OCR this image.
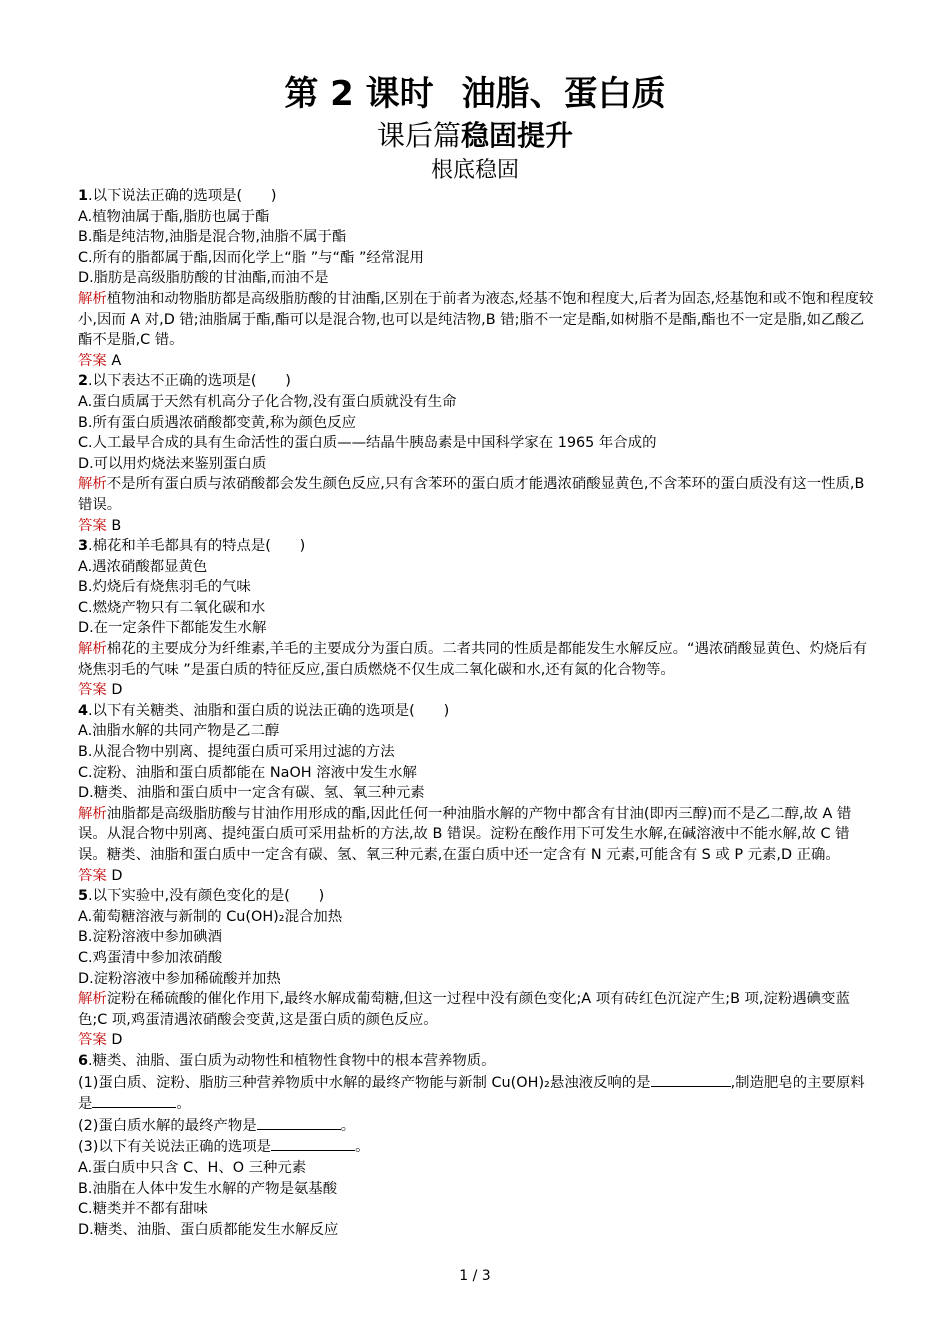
第 2 课时 油脂、蛋白质
课后篇稳固提升
根底稳固
1.以下说法正确的选项是(　　)
A.植物油属于酯,脂肪也属于酯
B.酯是纯洁物,油脂是混合物,油脂不属于酯
C.所有的脂都属于酯,因而化学上“脂 ”与“酯 ”经常混用
D.脂肪是高级脂肪酸的甘油酯,而油不是
解析植物油和动物脂肪都是高级脂肪酸的甘油酯,区别在于前者为液态,烃基不饱和程度大,后者为固态,烃基饱和或不饱和程度较小,因而 A 对,D 错;油脂属于酯,酯可以是混合物,也可以是纯洁物,B 错;脂不一定是酯,如树脂不是酯,酯也不一定是脂,如乙酸乙酯不是脂,C 错。
答案 A
2.以下表达不正确的选项是(　　)
A.蛋白质属于天然有机高分子化合物,没有蛋白质就没有生命
B.所有蛋白质遇浓硝酸都变黄,称为颜色反应
C.人工最早合成的具有生命活性的蛋白质——结晶牛胰岛素是中国科学家在 1965 年合成的
D.可以用灼烧法来鉴别蛋白质
解析不是所有蛋白质与浓硝酸都会发生颜色反应,只有含苯环的蛋白质才能遇浓硝酸显黄色,不含苯环的蛋白质没有这一性质,B 错误。
答案 B
3.棉花和羊毛都具有的特点是(　　)
A.遇浓硝酸都显黄色
B.灼烧后有烧焦羽毛的气味
C.燃烧产物只有二氧化碳和水
D.在一定条件下都能发生水解
解析棉花的主要成分为纤维素,羊毛的主要成分为蛋白质。二者共同的性质是都能发生水解反应。“遇浓硝酸显黄色、灼烧后有烧焦羽毛的气味 ”是蛋白质的特征反应,蛋白质燃烧不仅生成二氧化碳和水,还有氮的化合物等。
答案 D
4.以下有关糖类、油脂和蛋白质的说法正确的选项是(　　)
A.油脂水解的共同产物是乙二醇
B.从混合物中别离、提纯蛋白质可采用过滤的方法
C.淀粉、油脂和蛋白质都能在 NaOH 溶液中发生水解
D.糖类、油脂和蛋白质中一定含有碳、氢、氧三种元素
解析油脂都是高级脂肪酸与甘油作用形成的酯,因此任何一种油脂水解的产物中都含有甘油(即丙三醇)而不是乙二醇,故 A 错误。从混合物中别离、提纯蛋白质可采用盐析的方法,故 B 错误。淀粉在酸作用下可发生水解,在碱溶液中不能水解,故 C 错误。糖类、油脂和蛋白质中一定含有碳、氢、氧三种元素,在蛋白质中还一定含有 N 元素,可能含有 S 或 P 元素,D 正确。
答案 D
5.以下实验中,没有颜色变化的是(　　)
A.葡萄糖溶液与新制的 Cu(OH)₂混合加热
B.淀粉溶液中参加碘酒
C.鸡蛋清中参加浓硝酸
D.淀粉溶液中参加稀硫酸并加热
解析淀粉在稀硫酸的催化作用下,最终水解成葡萄糖,但这一过程中没有颜色变化;A 项有砖红色沉淀产生;B 项,淀粉遇碘变蓝色;C 项,鸡蛋清遇浓硝酸会变黄,这是蛋白质的颜色反应。
答案 D
6.糖类、油脂、蛋白质为动物性和植物性食物中的根本营养物质。
(1)蛋白质、淀粉、脂肪三种营养物质中水解的最终产物能与新制 Cu(OH)₂悬浊液反响的是	,制造肥皂的主要原料是	。
(2)蛋白质水解的最终产物是	。
(3)以下有关说法正确的选项是	。
A.蛋白质中只含 C、H、O 三种元素
B.油脂在人体中发生水解的产物是氨基酸
C.糖类并不都有甜味
D.糖类、油脂、蛋白质都能发生水解反应
1 / 3
